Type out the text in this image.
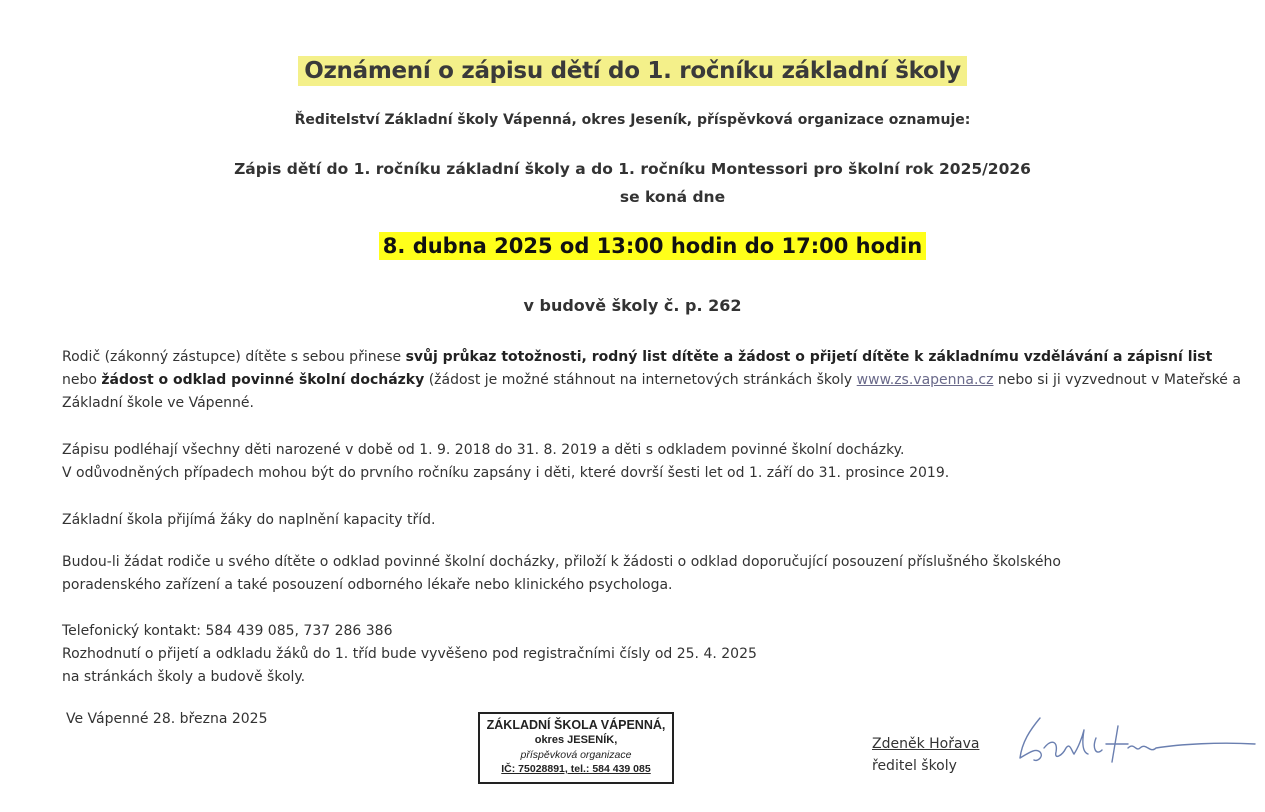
Oznámení o zápisu dětí do 1. ročníku základní školy
Ředitelství Základní školy Vápenná, okres Jeseník, příspěvková organizace oznamuje:
Zápis dětí do 1. ročníku základní školy a do 1. ročníku Montessori pro školní rok 2025/2026
se koná dne
8. dubna 2025 od 13:00 hodin do 17:00 hodin
v budově školy č. p. 262
Rodič (zákonný zástupce) dítěte s sebou přinese svůj průkaz totožnosti, rodný list dítěte a žádost o přijetí dítěte k základnímu vzdělávání a zápisní list nebo žádost o odklad povinné školní docházky (žádost je možné stáhnout na internetových stránkách školy www.zs.vapenna.cz nebo si ji vyzvednout v Mateřské a Základní škole ve Vápenné.
Zápisu podléhají všechny děti narozené v době od 1. 9. 2018 do 31. 8. 2019 a děti s odkladem povinné školní docházky.
V odůvodněných případech mohou být do prvního ročníku zapsány i děti, které dovrší šesti let od 1. září do 31. prosince 2019.
Základní škola přijímá žáky do naplnění kapacity tříd.
Budou-li žádat rodiče u svého dítěte o odklad povinné školní docházky, přiloží k žádosti o odklad doporučující posouzení příslušného školského poradenského zařízení a také posouzení odborného lékaře nebo klinického psychologa.
Telefonický kontakt: 584 439 085, 737 286 386
Rozhodnutí o přijetí a odkladu žáků do 1. tříd bude vyvěšeno pod registračními čísly od 25. 4. 2025
na stránkách školy a budově školy.
Ve Vápenné 28. března 2025	ZÁKLADNÍ ŠKOLA VÁPENNÁ,
okres JESENÍK,
příspěvková organizace
IČ: 75028891, tel.: 584 439 085
Zdeněk Hořava
ředitel školy
